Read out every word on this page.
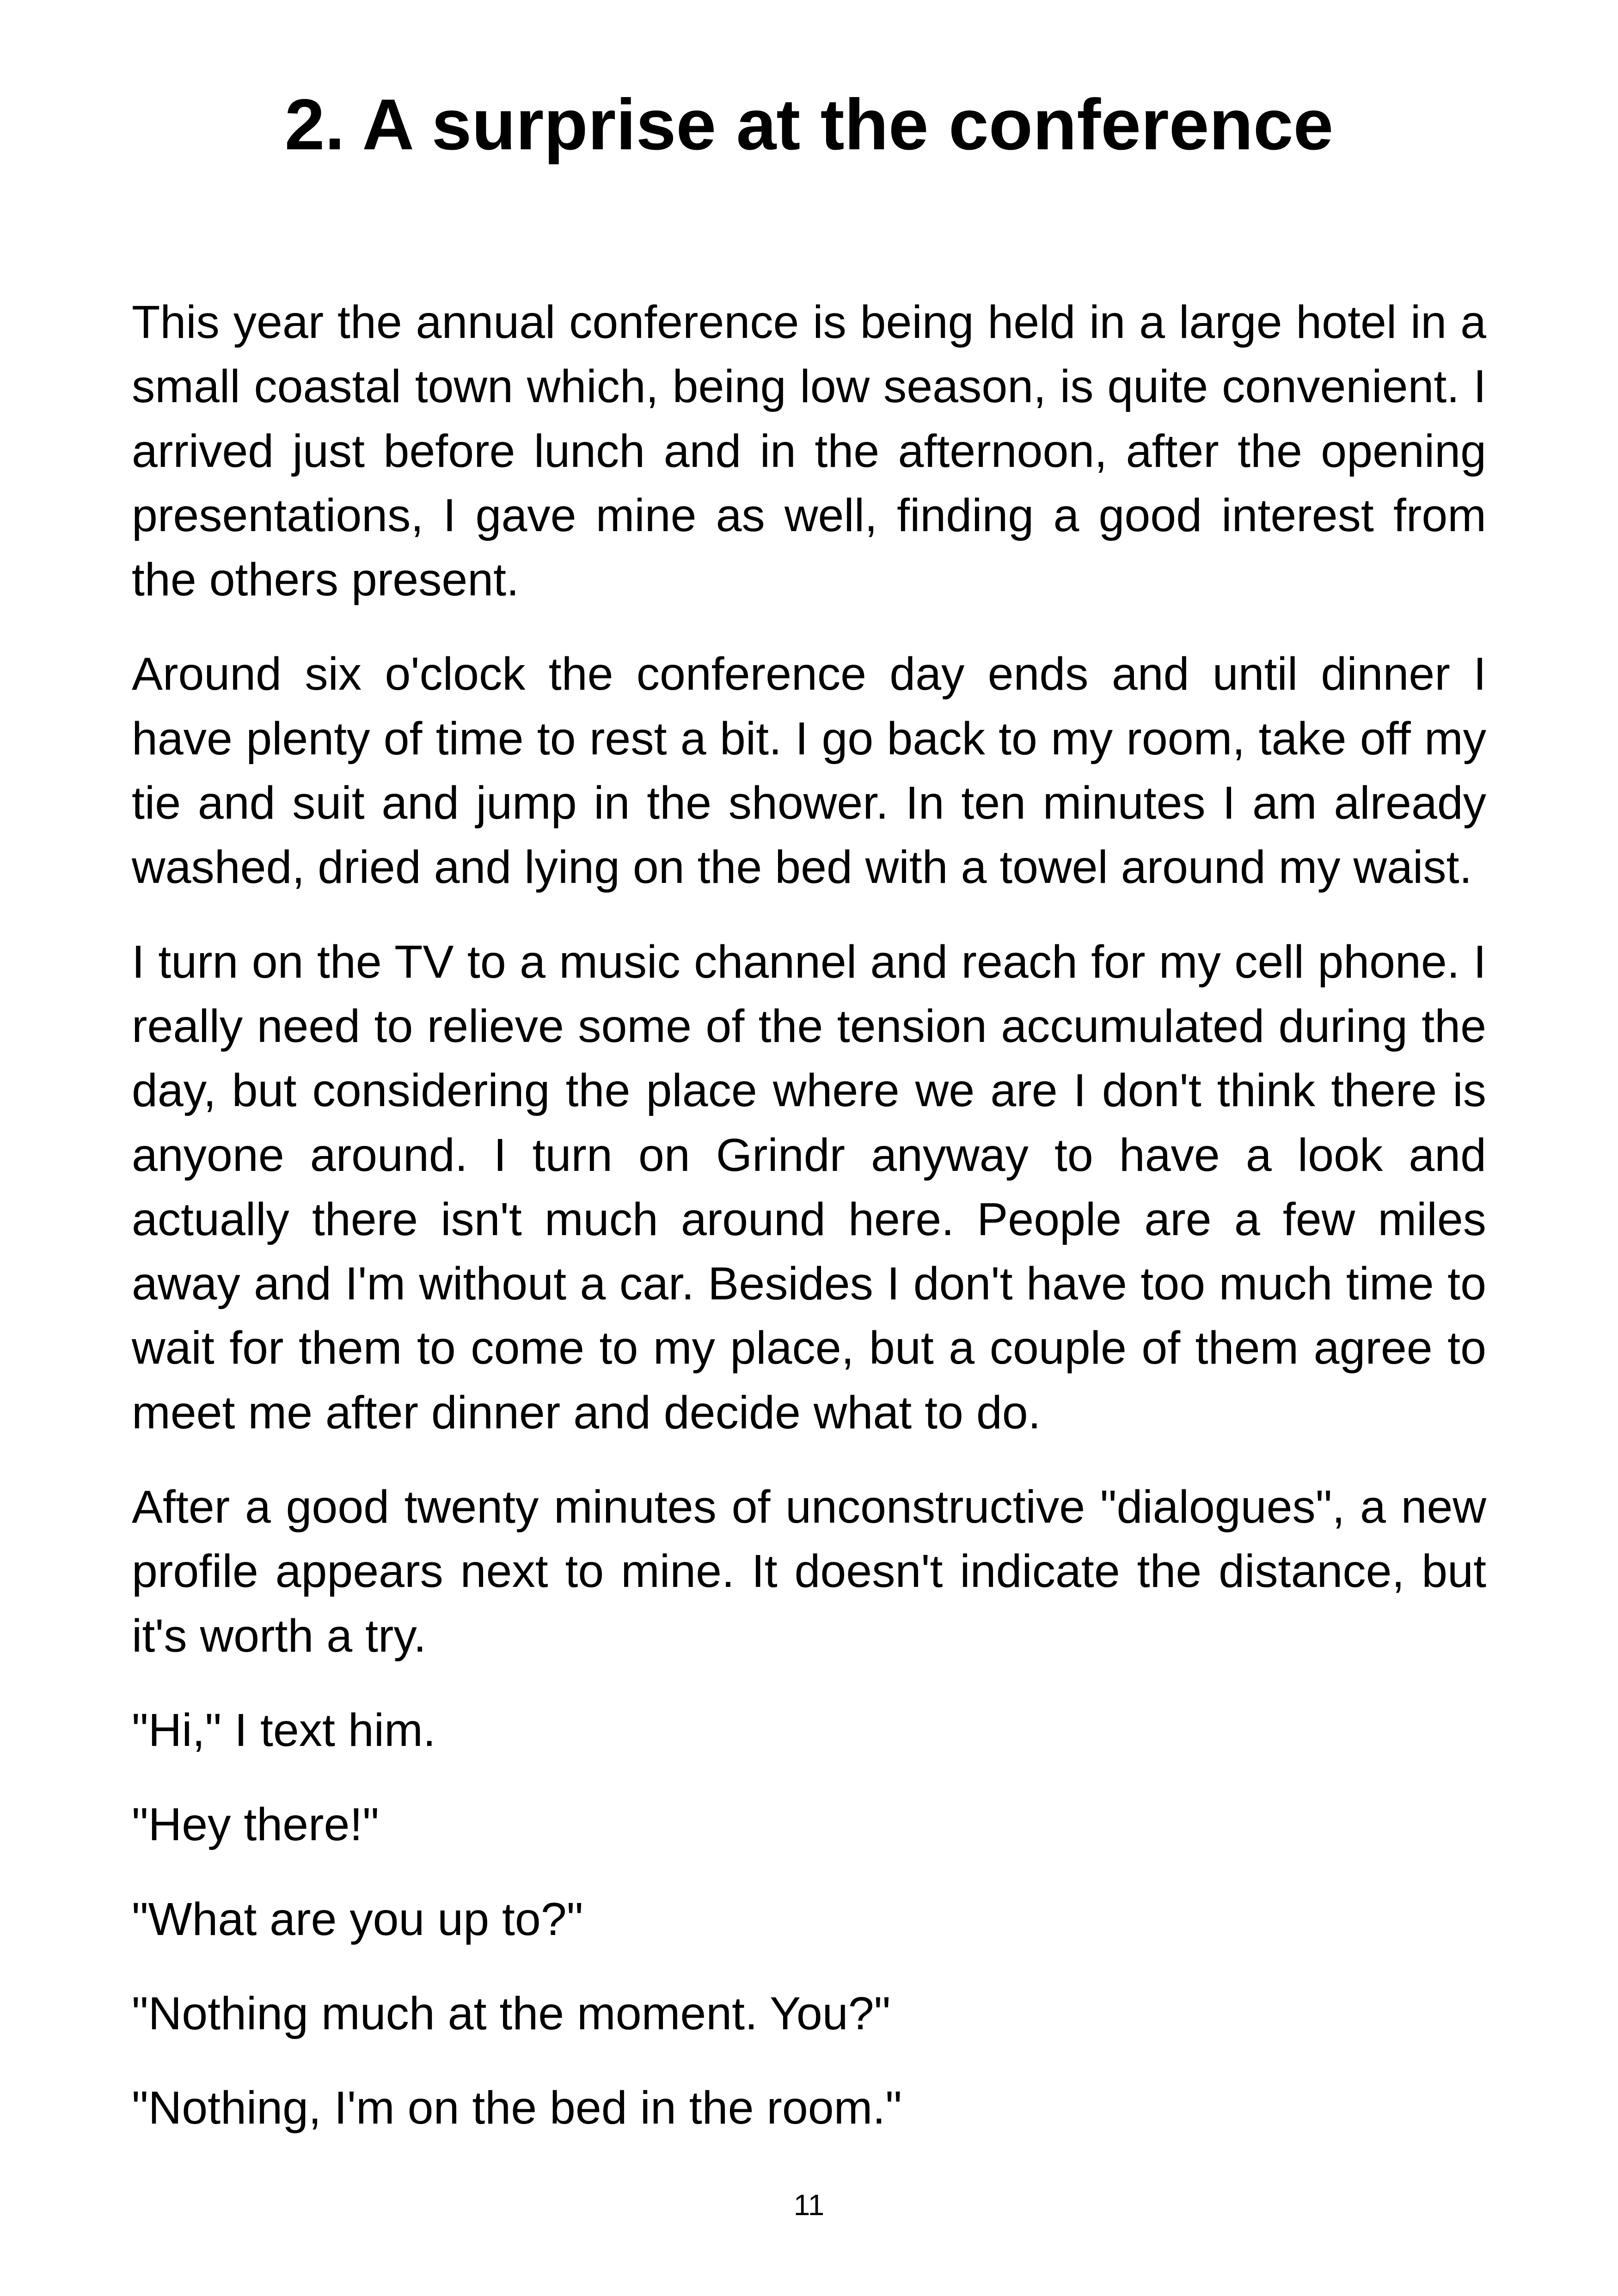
2. A surprise at the conference

This year the annual conference is being held in a large hotel in a small coastal town which, being low season, is quite convenient. I arrived just before lunch and in the afternoon, after the opening presentations, I gave mine as well, finding a good interest from the others present.

Around six o'clock the conference day ends and until dinner I have plenty of time to rest a bit. I go back to my room, take off my tie and suit and jump in the shower. In ten minutes I am already washed, dried and lying on the bed with a towel around my waist.

I turn on the TV to a music channel and reach for my cell phone. I really need to relieve some of the tension accumulated during the day, but considering the place where we are I don't think there is anyone around. I turn on Grindr anyway to have a look and actually there isn't much around here. People are a few miles away and I'm without a car. Besides I don't have too much time to wait for them to come to my place, but a couple of them agree to meet me after dinner and decide what to do.

After a good twenty minutes of unconstructive "dialogues", a new profile appears next to mine. It doesn't indicate the distance, but it's worth a try.

"Hi," I text him.

"Hey there!"

"What are you up to?"

"Nothing much at the moment. You?"

"Nothing, I'm on the bed in the room."

11
